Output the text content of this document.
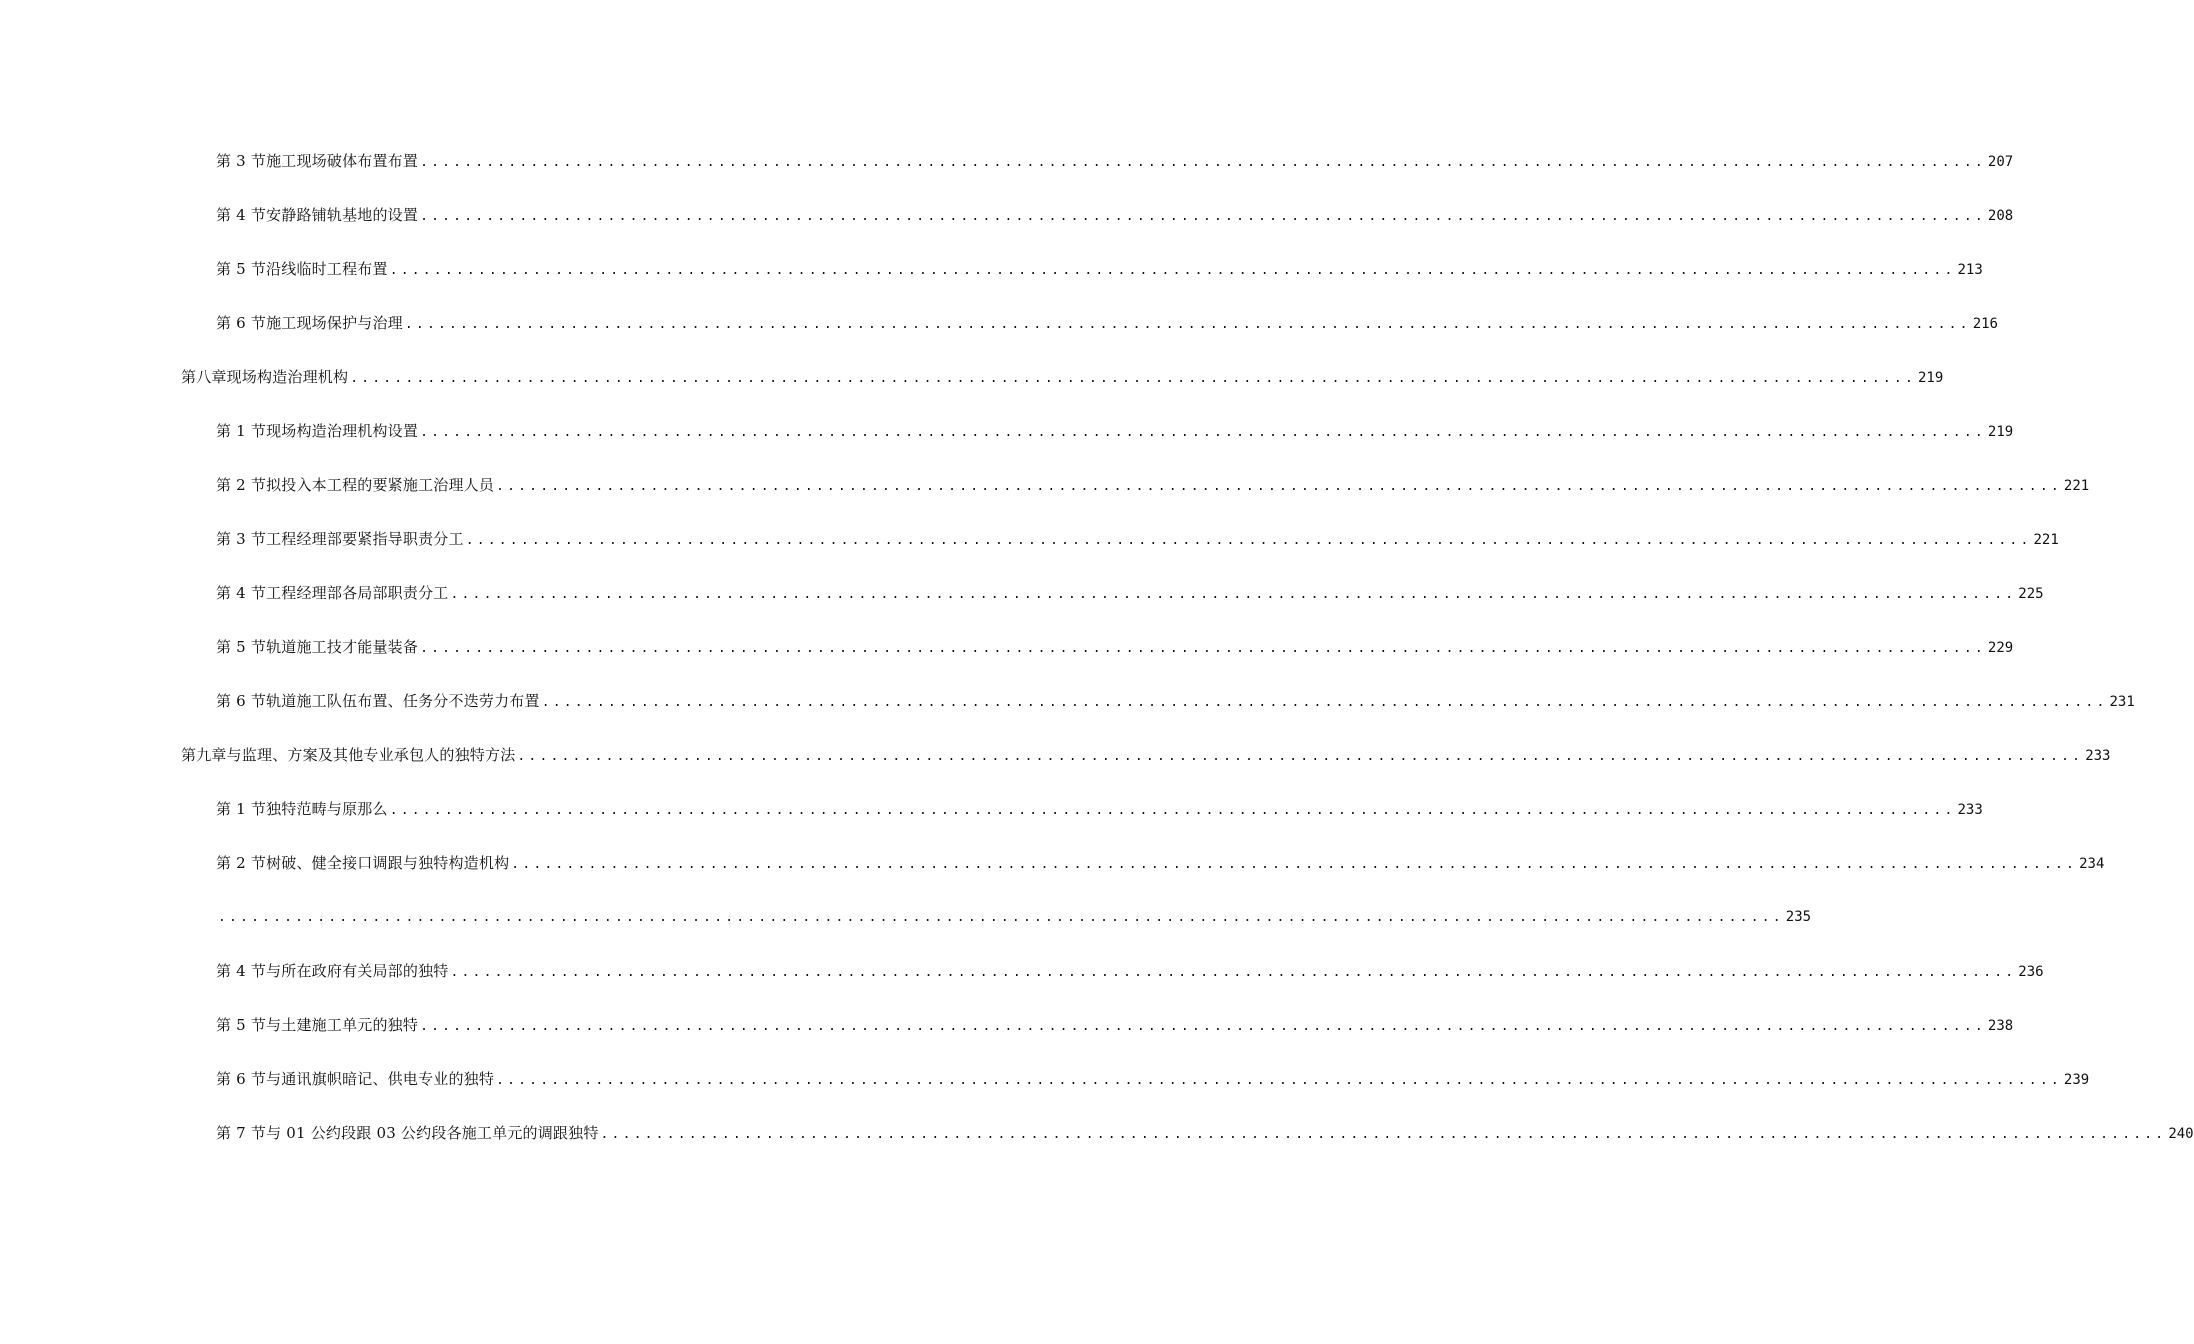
第 3 节施工现场破体布置布置 .............................................................................................................................................. 207
第 4 节安静路铺轨基地的设置 .............................................................................................................................................. 208
第 5 节沿线临时工程布置 .............................................................................................................................................. 213
第 6 节施工现场保护与治理 .............................................................................................................................................. 216
第八章现场构造治理机构 .............................................................................................................................................. 219
第 1 节现场构造治理机构设置 .............................................................................................................................................. 219
第 2 节拟投入本工程的要紧施工治理人员 .............................................................................................................................................. 221
第 3 节工程经理部要紧指导职责分工 .............................................................................................................................................. 221
第 4 节工程经理部各局部职责分工 .............................................................................................................................................. 225
第 5 节轨道施工技才能量装备 .............................................................................................................................................. 229
第 6 节轨道施工队伍布置、任务分不迭劳力布置 .............................................................................................................................................. 231
第九章与监理、方案及其他专业承包人的独特方法 .............................................................................................................................................. 233
第 1 节独特范畴与原那么 .............................................................................................................................................. 233
第 2 节树破、健全接口调跟与独特构造机构 .............................................................................................................................................. 234
.............................................................................................................................................. 235
第 4 节与所在政府有关局部的独特 .............................................................................................................................................. 236
第 5 节与土建施工单元的独特 .............................................................................................................................................. 238
第 6 节与通讯旗帜暗记、供电专业的独特 .............................................................................................................................................. 239
第 7 节与 01 公约段跟 03 公约段各施工单元的调跟独特 .............................................................................................................................................. 240
